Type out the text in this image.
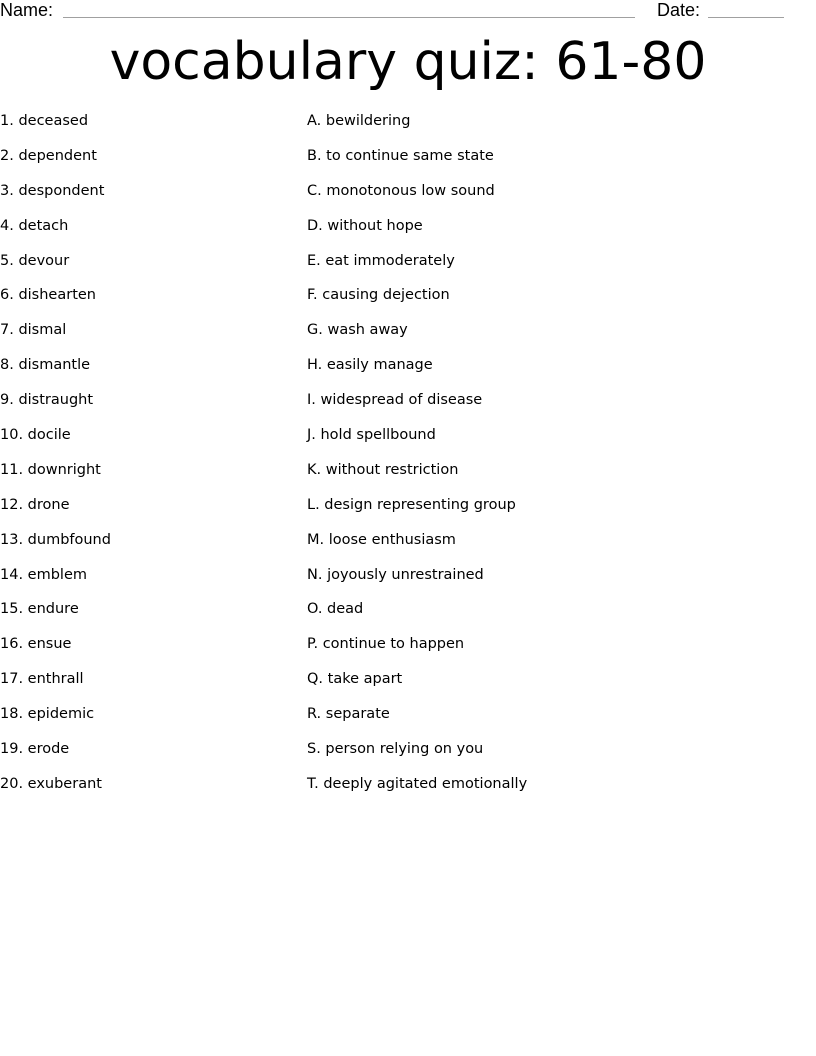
Name:	Date:
vocabulary quiz: 61-80
1. deceased
2. dependent
3. despondent
4. detach
5. devour
6. dishearten
7. dismal
8. dismantle
9. distraught
10. docile
11. downright
12. drone
13. dumbfound
14. emblem
15. endure
16. ensue
17. enthrall
18. epidemic
19. erode
20. exuberant
A. bewildering
B. to continue same state
C. monotonous low sound
D. without hope
E. eat immoderately
F. causing dejection
G. wash away
H. easily manage
I. widespread of disease
J. hold spellbound
K. without restriction
L. design representing group
M. loose enthusiasm
N. joyously unrestrained
O. dead
P. continue to happen
Q. take apart
R. separate
S. person relying on you
T. deeply agitated emotionally
